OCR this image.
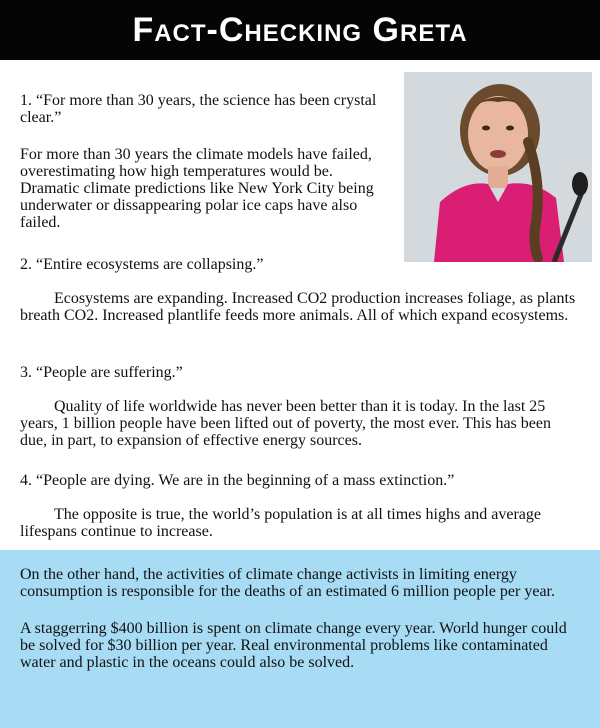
Fact-Checking Greta
1. “For more than 30 years, the science has been crystal clear.”
For more than 30 years the climate models have failed, overestimating how high temperatures would be. Dramatic climate predictions like New York City being underwater or dissappearing polar ice caps have also failed.
2. “Entire ecosystems are collapsing.”
Ecosystems are expanding. Increased CO2 production increases foliage, as plants breath CO2. Increased plantlife feeds more animals. All of which expand ecosystems.
3. “People are suffering.”
Quality of life worldwide has never been better than it is today. In the last 25 years, 1 billion people have been lifted out of poverty, the most ever. This has been due, in part, to expansion of effective energy sources.
4. “People are dying. We are in the beginning of a mass extinction.”
The opposite is true, the world’s population is at all times highs and average lifespans continue to increase.
On the other hand, the activities of climate change activists in limiting energy consumption is responsible for the deaths of an estimated 6 million people per year.
A staggerring $400 billion is spent on climate change every year. World hunger could be solved for $30 billion per year. Real environmental problems like contaminated water and plastic in the oceans could also be solved.
